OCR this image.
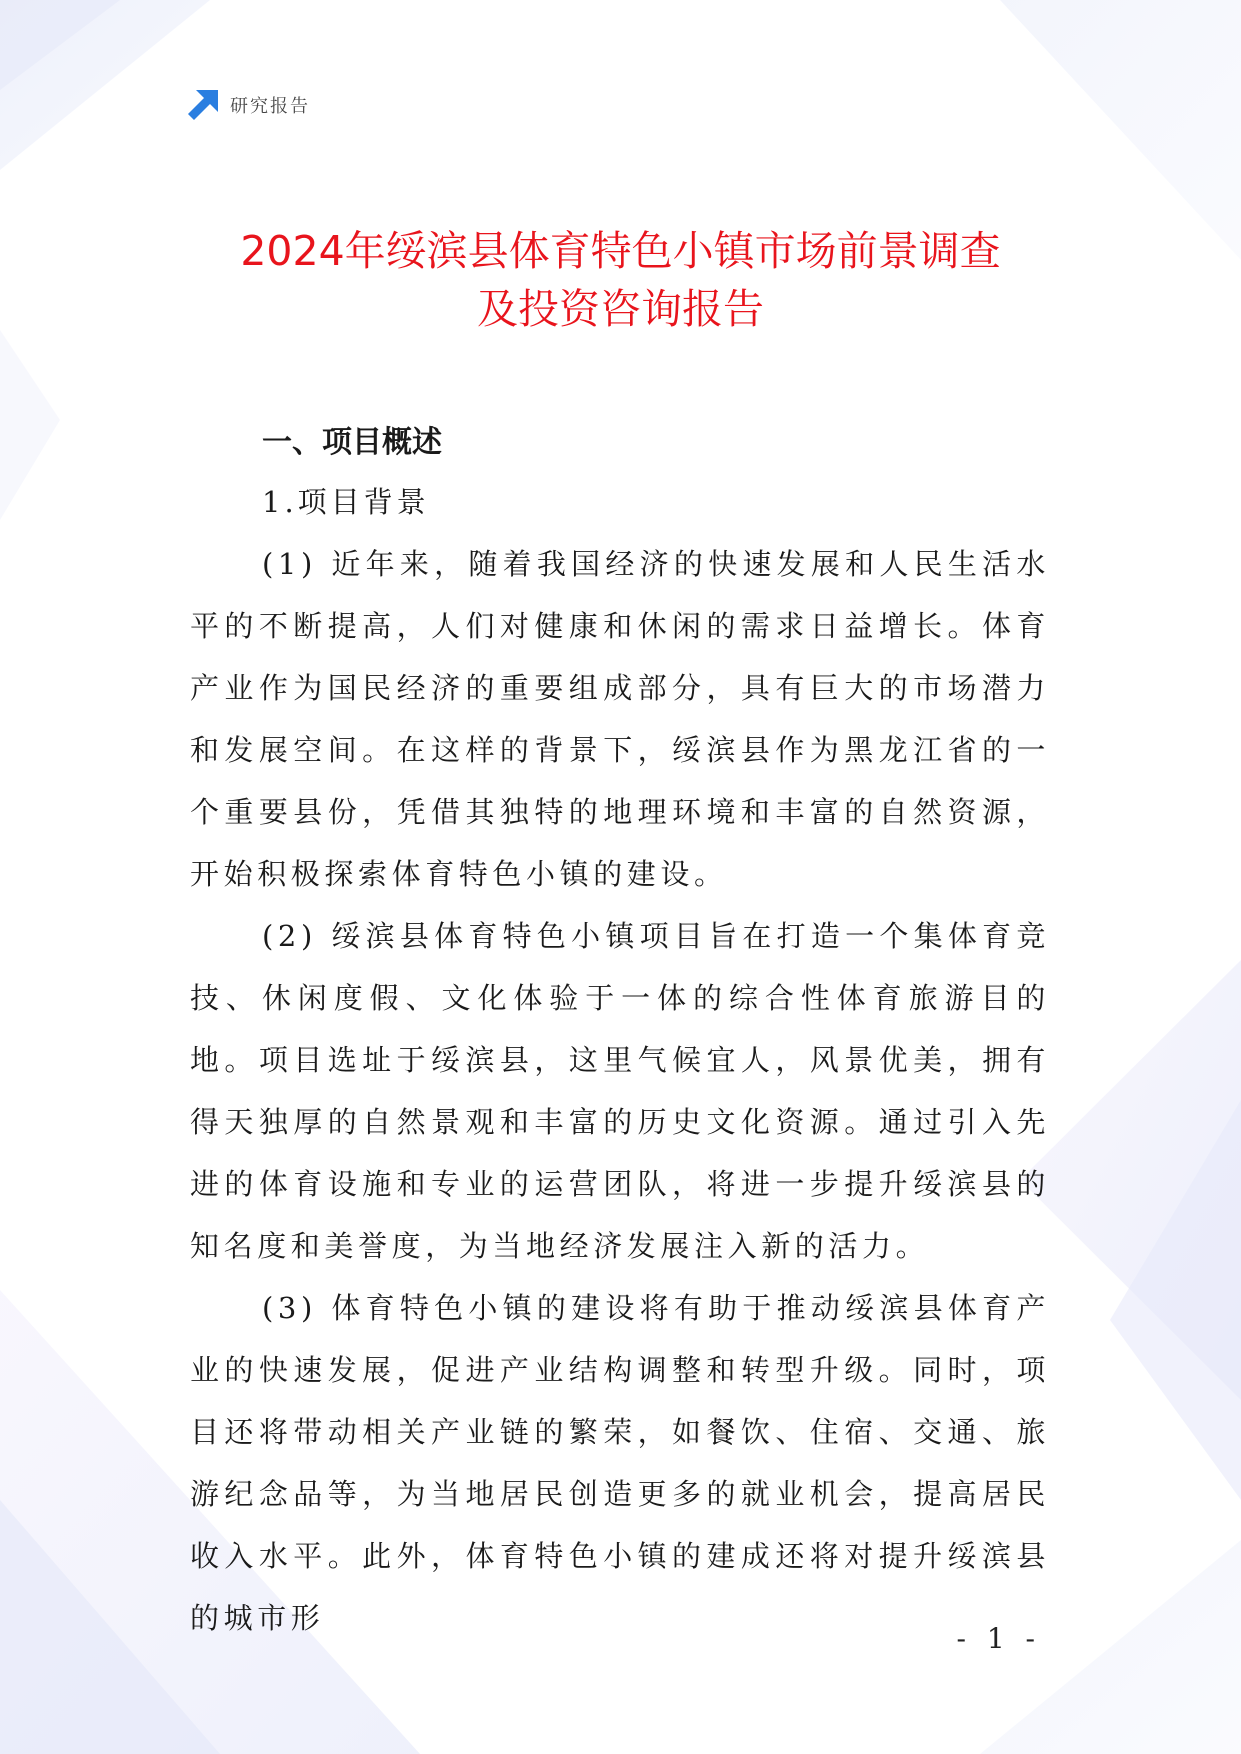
研究报告
2024年绥滨县体育特色小镇市场前景调查
及投资咨询报告
一、项目概述
1.项目背景

(1) 近年来，随着我国经济的快速发展和人民生活水平的不断提高，人们对健康和休闲的需求日益增长。体育产业作为国民经济的重要组成部分，具有巨大的市场潜力和发展空间。在这样的背景下，绥滨县作为黑龙江省的一个重要县份，凭借其独特的地理环境和丰富的自然资源，开始积极探索体育特色小镇的建设。

(2) 绥滨县体育特色小镇项目旨在打造一个集体育竞技、休闲度假、文化体验于一体的综合性体育旅游目的地。项目选址于绥滨县，这里气候宜人，风景优美，拥有得天独厚的自然景观和丰富的历史文化资源。通过引入先进的体育设施和专业的运营团队，将进一步提升绥滨县的知名度和美誉度，为当地经济发展注入新的活力。

(3) 体育特色小镇的建设将有助于推动绥滨县体育产业的快速发展，促进产业结构调整和转型升级。同时，项目还将带动相关产业链的繁荣，如餐饮、住宿、交通、旅游纪念品等，为当地居民创造更多的就业机会，提高居民收入水平。此外，体育特色小镇的建成还将对提升绥滨县的城市形

- 1 -
